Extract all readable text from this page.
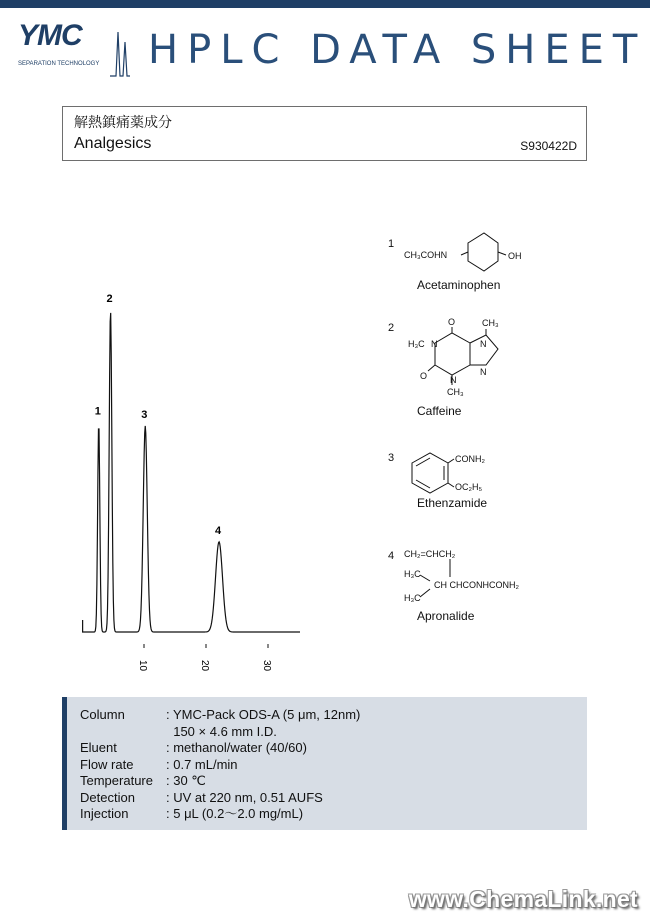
YMC
SEPARATION TECHNOLOGY HPLC DATA SHEET
解熱鎮痛薬成分
Analgesics	S930422D
1
2
3
4
10	20	30
1
CH₃COHN	OH
Acetaminophen
2
H₃C N
O	CH₃
N
O	N
N
CH₃
Caffeine
3	CONH₂
OC₂H₅
Ethenzamide
4 CH₂=CHCH₂
H₃C
H₃C
CH CHCONHCONH₂
Apronalide
Column	: YMC-Pack ODS-A (5 μm, 12nm)
	150 × 4.6 mm I.D.
Eluent	: methanol/water (40/60)
Flow rate	: 0.7 mL/min
Temperature	: 30 ℃
Detection	: UV at 220 nm, 0.51 AUFS
Injection	: 5 μL (0.2～2.0 mg/mL)
www.ChemaLink.net
